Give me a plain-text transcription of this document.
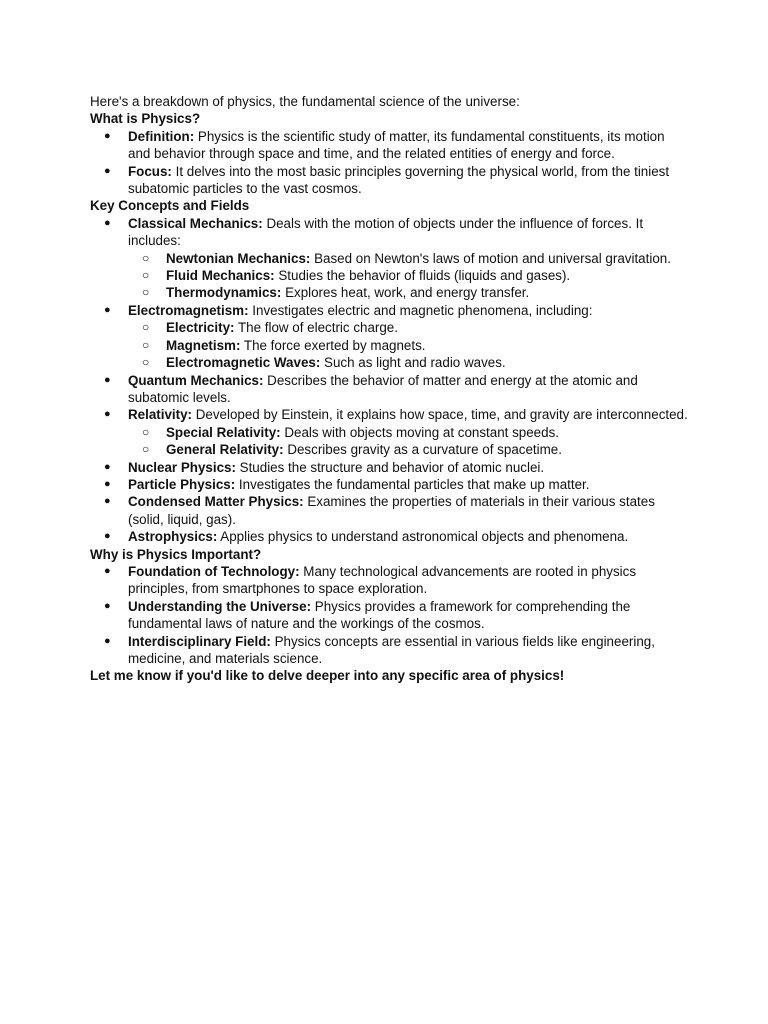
Here's a breakdown of physics, the fundamental science of the universe:

What is Physics?

● Definition: Physics is the scientific study of matter, its fundamental constituents, its motion and behavior through space and time, and the related entities of energy and force.
● Focus: It delves into the most basic principles governing the physical world, from the tiniest subatomic particles to the vast cosmos.

Key Concepts and Fields

● Classical Mechanics: Deals with the motion of objects under the influence of forces. It includes:
○ Newtonian Mechanics: Based on Newton's laws of motion and universal gravitation.
○ Fluid Mechanics: Studies the behavior of fluids (liquids and gases).
○ Thermodynamics: Explores heat, work, and energy transfer.
● Electromagnetism: Investigates electric and magnetic phenomena, including:
○ Electricity: The flow of electric charge.
○ Magnetism: The force exerted by magnets.
○ Electromagnetic Waves: Such as light and radio waves.
● Quantum Mechanics: Describes the behavior of matter and energy at the atomic and subatomic levels.
● Relativity: Developed by Einstein, it explains how space, time, and gravity are interconnected.
○ Special Relativity: Deals with objects moving at constant speeds.
○ General Relativity: Describes gravity as a curvature of spacetime.
● Nuclear Physics: Studies the structure and behavior of atomic nuclei.
● Particle Physics: Investigates the fundamental particles that make up matter.
● Condensed Matter Physics: Examines the properties of materials in their various states (solid, liquid, gas).
● Astrophysics: Applies physics to understand astronomical objects and phenomena.

Why is Physics Important?

● Foundation of Technology: Many technological advancements are rooted in physics principles, from smartphones to space exploration.
● Understanding the Universe: Physics provides a framework for comprehending the fundamental laws of nature and the workings of the cosmos.
● Interdisciplinary Field: Physics concepts are essential in various fields like engineering, medicine, and materials science.

Let me know if you'd like to delve deeper into any specific area of physics!
